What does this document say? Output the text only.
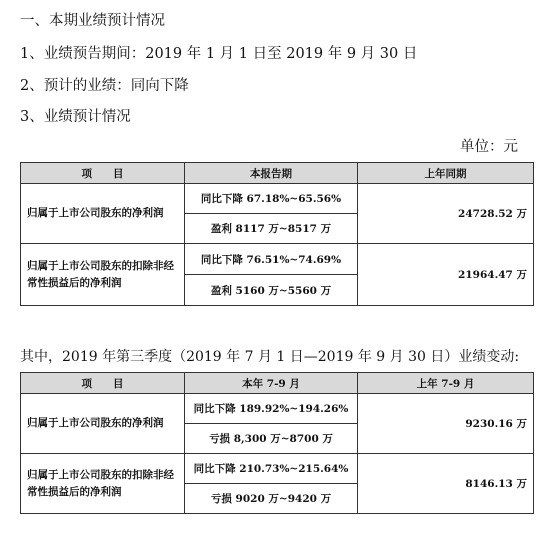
一、本期业绩预计情况
1、业绩预告期间：2019 年 1 月 1 日至 2019 年 9 月 30 日
2、预计的业绩：同向下降
3、业绩预计情况
单位：元
项　　目	本报告期	上年同期
归属于上市公司股东的净利润	同比下降 67.18%~65.56%	24728.52 万
	盈利 8117 万~8517 万	
归属于上市公司股东的扣除非经常性损益后的净利润	同比下降 76.51%~74.69%	21964.47 万
	盈利 5160 万~5560 万	
其中，2019 年第三季度（2019 年 7 月 1 日—2019 年 9 月 30 日）业绩变动:
项　　目	本年 7-9 月	上年 7-9 月
归属于上市公司股东的净利润	同比下降 189.92%~194.26%	9230.16 万
	亏损 8,300 万~8700 万	
归属于上市公司股东的扣除非经常性损益后的净利润	同比下降 210.73%~215.64%	8146.13 万
	亏损 9020 万~9420 万	
